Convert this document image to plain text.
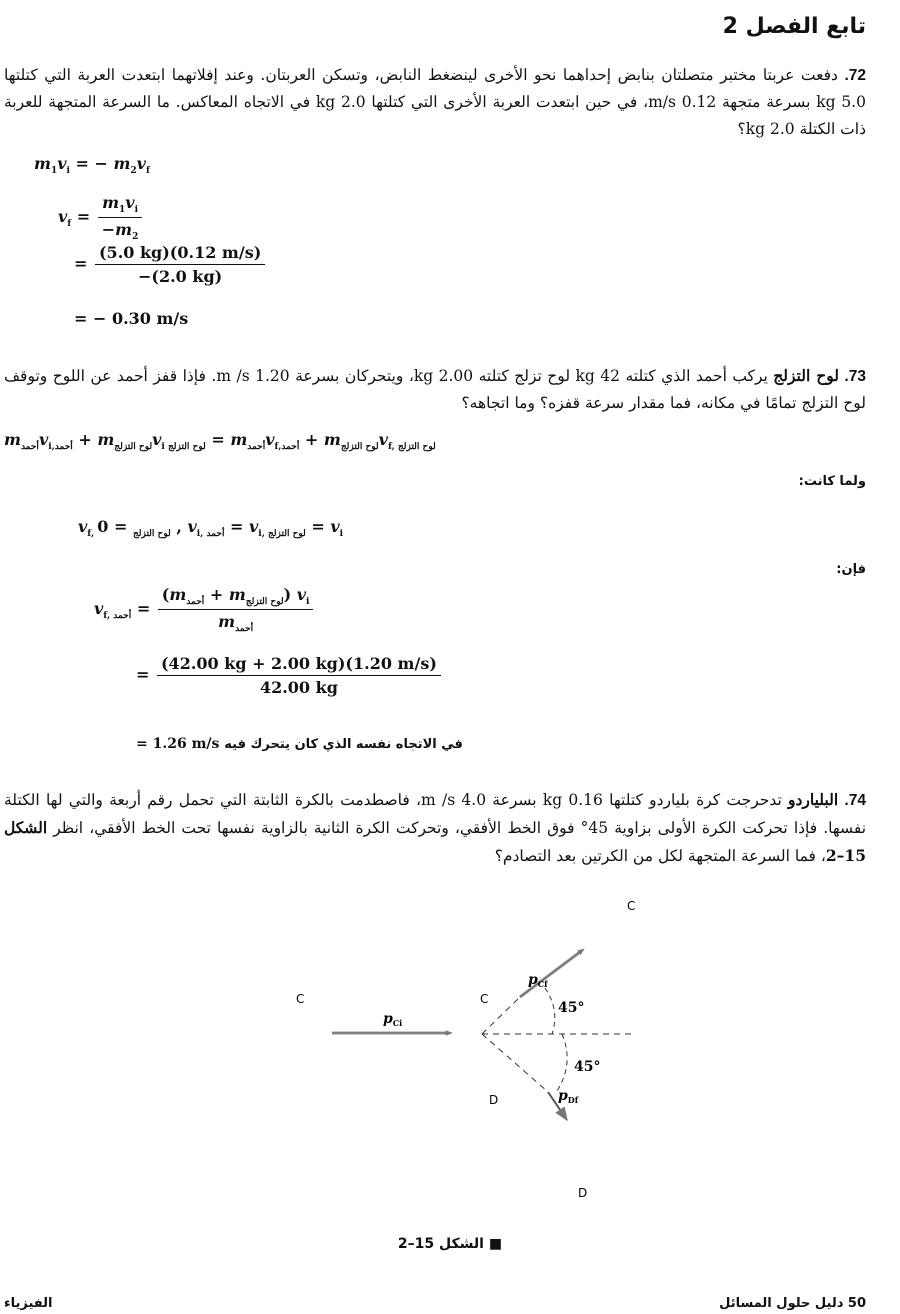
تابع الفصل 2
72. دفعت عربتا مختبر متصلتان بنابض إحداهما نحو الأخرى لينضغط النابض، وتسكن العربتان. وعند إفلاتهما ابتعدت العربة التي كتلتها 5.0 kg بسرعة متجهة 0.12 m/s، في حين ابتعدت العربة الأخرى التي كتلتها 2.0 kg في الاتجاه المعاكس. ما السرعة المتجهة للعربة ذات الكتلة 2.0 kg؟
$m_1v_i$ = − $m_2v_f$
$v_f = \frac{m_1v_i}{-m_2}$
= $\frac{(5.0 kg)(0.12 m/s)}{-(2.0 kg)}$
= − 0.30 m/s
73. لوح التزلج يركب أحمد الذي كتلته 42 kg لوح تزلج كتلته 2.00 kg، ويتحركان بسرعة 1.20 m /s. فإذا قفز أحمد عن اللوح وتوقف لوح التزلج تمامًا في مكانه، فما مقدار سرعة قفزه؟ وما اتجاهه؟
$m_{أحمد}v_{i,أحمد} + m_{لوح التزلج}v_{i لوح التزلج} = m_{أحمد}v_{f,أحمد} + m_{لوح التزلج}v_{f, لوح التزلج}$
ولما كانت:
$v_{f, لوح التزلج} = 0$ , $v_{i, أحمد} = v_{i, لوح التزلج} = v_i$
فإن:
$v_{f, أحمد} = \frac{(m_{أحمد} + m_{لوح التزلج}) v_i}{m_{أحمد}}$
= $\frac{(42.00 kg + 2.00 kg)(1.20 m/s)}{42.00 kg}$
= 1.26 m/s في الاتجاه نفسه الذي كان يتحرك فيه
74. البلياردو تدحرجت كرة بلياردو كتلتها 0.16 kg بسرعة 4.0 m /s، فاصطدمت بالكرة الثابتة التي تحمل رقم أربعة والتي لها الكتلة نفسها. فإذا تحركت الكرة الأولى بزاوية 45° فوق الخط الأفقي، وتحركت الكرة الثانية بالزاوية نفسها تحت الخط الأفقي، انظر الشكل 15–2، فما السرعة المتجهة لكل من الكرتين بعد التصادم؟
C
C	C
D
D
$p_{Ci}$
$p_{Cf}$
$p_{Df}$
45°
45°
■ الشكل 15–2
الفيزياء	50 دليل حلول المسائل
